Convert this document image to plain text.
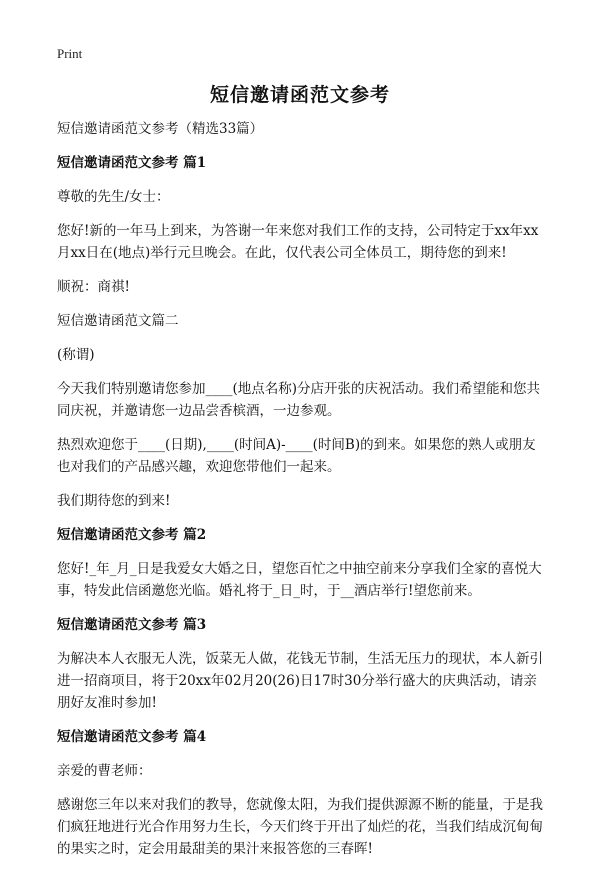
Print
短信邀请函范文参考

短信邀请函范文参考（精选33篇）

短信邀请函范文参考 篇1

尊敬的先生/女士：

您好!新的一年马上到来，为答谢一年来您对我们工作的支持，公司特定于xx年xx月xx日在(地点)举行元旦晚会。在此，仅代表公司全体员工，期待您的到来!

顺祝：商祺!

短信邀请函范文篇二

(称谓)

今天我们特别邀请您参加____(地点名称)分店开张的庆祝活动。我们希望能和您共同庆祝，并邀请您一边品尝香槟酒，一边参观。

热烈欢迎您于____(日期),____(时间A)-____(时间B)的到来。如果您的熟人或朋友也对我们的产品感兴趣，欢迎您带他们一起来。

我们期待您的到来!

短信邀请函范文参考 篇2

您好!_年_月_日是我爱女大婚之日，望您百忙之中抽空前来分享我们全家的喜悦大事，特发此信函邀您光临。婚礼将于_日_时，于__酒店举行!望您前来。

短信邀请函范文参考 篇3

为解决本人衣服无人洗，饭菜无人做，花钱无节制，生活无压力的现状，本人新引进一招商项目，将于20xx年02月20(26)日17时30分举行盛大的庆典活动，请亲朋好友准时参加!

短信邀请函范文参考 篇4

亲爱的曹老师：

感谢您三年以来对我们的教导，您就像太阳，为我们提供源源不断的能量，于是我们疯狂地进行光合作用努力生长，今天们终于开出了灿烂的花，当我们结成沉甸甸的果实之时，定会用最甜美的果汁来报答您的三春晖!
